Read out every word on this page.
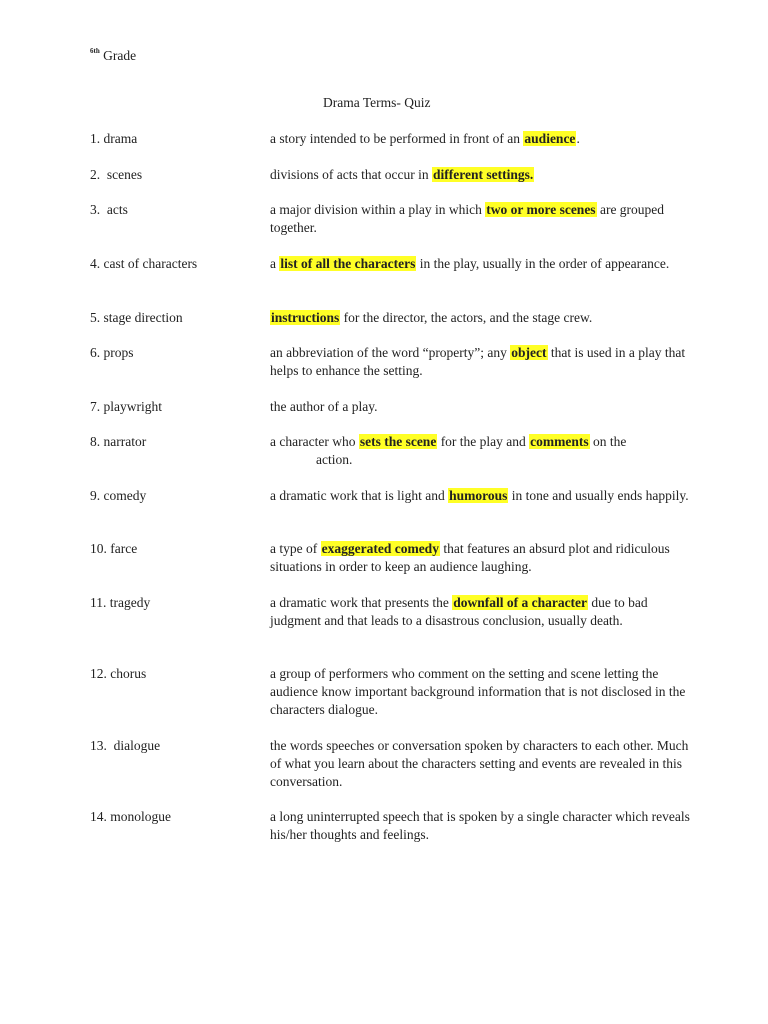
$^{6th}$ Grade
Drama Terms- Quiz
1. drama	a story intended to be performed in front of an audience.
2.  scenes	divisions of acts that occur in different settings.
3.  acts	a major division within a play in which two or more scenes are grouped together.
4. cast of characters	a list of all the characters in the play, usually in the order of appearance.
5. stage direction	instructions for the director, the actors, and the stage crew.
6. props	an abbreviation of the word “property”; any object that is used in a play that helps to enhance the setting.
7. playwright	the author of a play.
8. narrator	a character who sets the scene for the play and comments on the
action.
9. comedy	a dramatic work that is light and humorous in tone and usually ends happily.
10. farce	a type of exaggerated comedy that features an absurd plot and ridiculous situations in order to keep an audience laughing.
11. tragedy	a dramatic work that presents the downfall of a character due to bad judgment and that leads to a disastrous conclusion, usually death.
12. chorus	a group of performers who comment on the setting and scene letting the audience know important background information that is not disclosed in the characters dialogue.
13.  dialogue	the words speeches or conversation spoken by characters to each other. Much of what you learn about the characters setting and events are revealed in this conversation.
14. monologue	a long uninterrupted speech that is spoken by a single character which reveals his/her thoughts and feelings.
